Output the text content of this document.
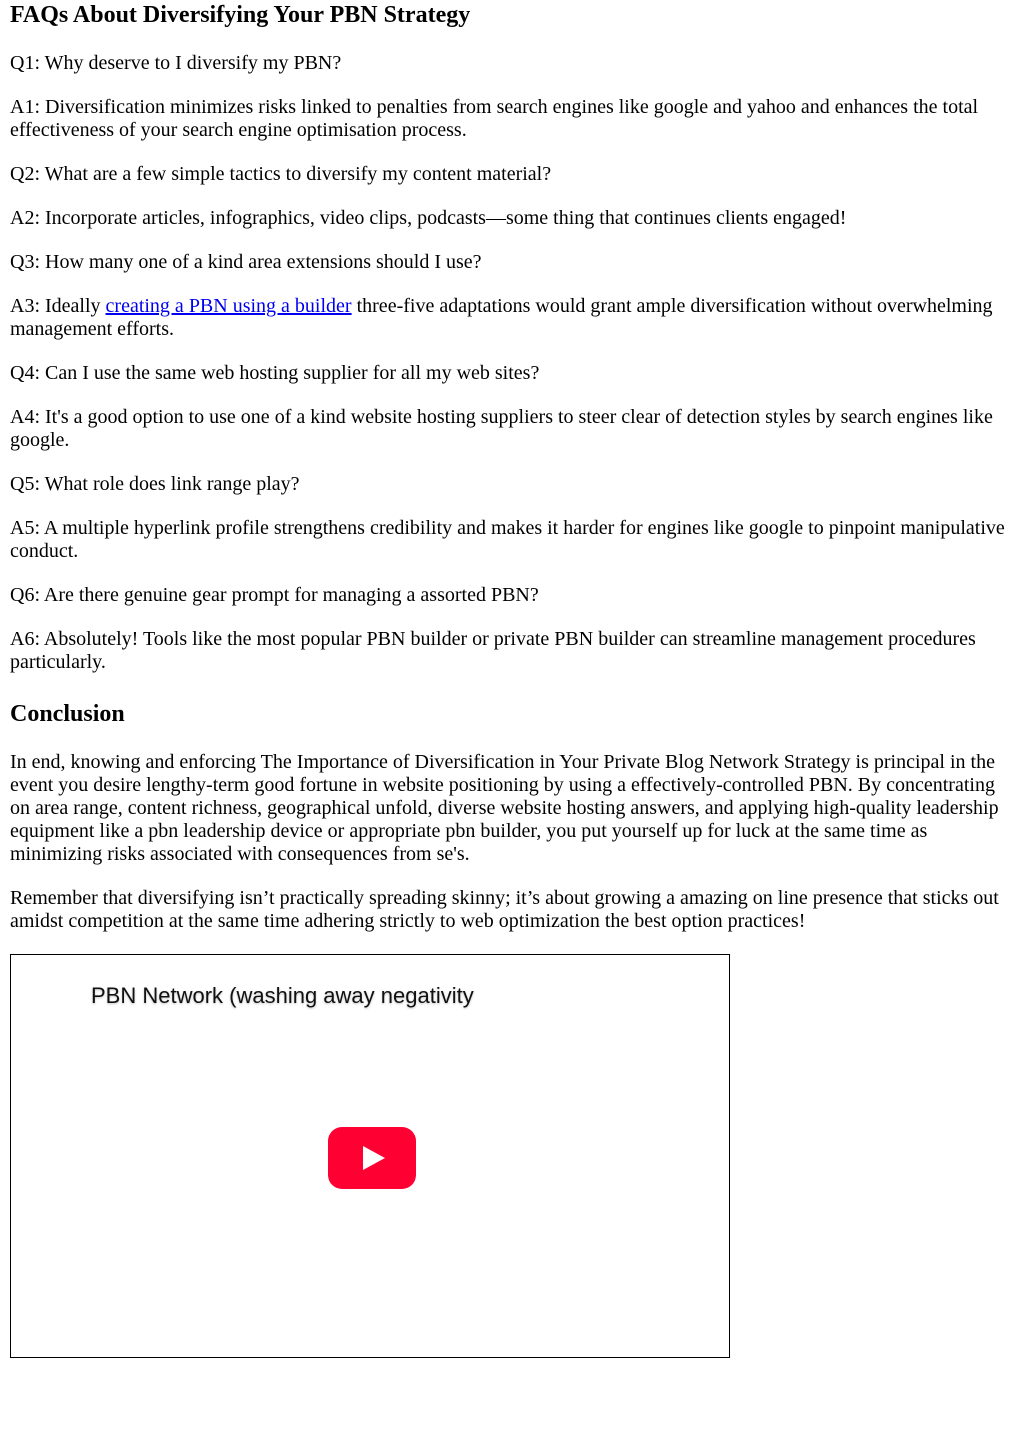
FAQs About Diversifying Your PBN Strategy

Q1: Why deserve to I diversify my PBN?

A1: Diversification minimizes risks linked to penalties from search engines like google and yahoo and enhances the total effectiveness of your search engine optimisation process.

Q2: What are a few simple tactics to diversify my content material?

A2: Incorporate articles, infographics, video clips, podcasts—some thing that continues clients engaged!

Q3: How many one of a kind area extensions should I use?

A3: Ideally creating a PBN using a builder three-five adaptations would grant ample diversification without overwhelming management efforts.

Q4: Can I use the same web hosting supplier for all my web sites?

A4: It's a good option to use one of a kind website hosting suppliers to steer clear of detection styles by search engines like google.

Q5: What role does link range play?

A5: A multiple hyperlink profile strengthens credibility and makes it harder for engines like google to pinpoint manipulative conduct.

Q6: Are there genuine gear prompt for managing a assorted PBN?

A6: Absolutely! Tools like the most popular PBN builder or private PBN builder can streamline management procedures particularly.

Conclusion

In end, knowing and enforcing The Importance of Diversification in Your Private Blog Network Strategy is principal in the event you desire lengthy-term good fortune in website positioning by using a effectively-controlled PBN. By concentrating on area range, content richness, geographical unfold, diverse website hosting answers, and applying high-quality leadership equipment like a pbn leadership device or appropriate pbn builder, you put yourself up for luck at the same time as minimizing risks associated with consequences from se's.

Remember that diversifying isn’t practically spreading skinny; it’s about growing a amazing on line presence that sticks out amidst competition at the same time adhering strictly to web optimization the best option practices!

PBN Network (washing away negativity
